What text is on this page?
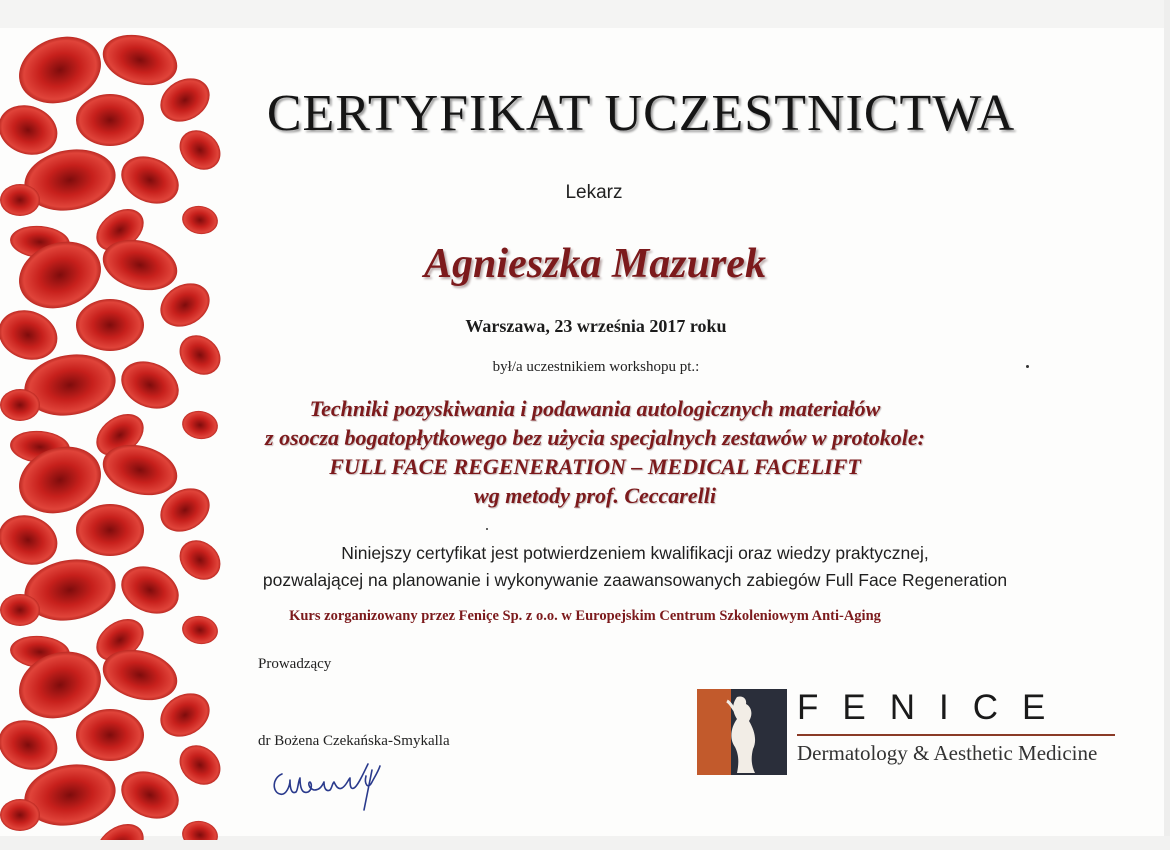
CERTYFIKAT UCZESTNICTWA
Lekarz
Agnieszka Mazurek
Warszawa, 23 września 2017 roku
był/a uczestnikiem workshopu pt.:
Techniki pozyskiwania i podawania autologicznych materiałów
z osocza bogatopłytkowego bez użycia specjalnych zestawów w protokole:
FULL FACE REGENERATION – MEDICAL FACELIFT
wg metody prof. Ceccarelli
Niniejszy certyfikat jest potwierdzeniem kwalifikacji oraz wiedzy praktycznej,
pozwalającej na planowanie i wykonywanie zaawansowanych zabiegów Full Face Regeneration
Kurs zorganizowany przez Feniçe Sp. z o.o. w Europejskim Centrum Szkoleniowym Anti-Aging
Prowadzący
dr Bożena Czekańska-Smykalla
FENICE
Dermatology & Aesthetic Medicine
